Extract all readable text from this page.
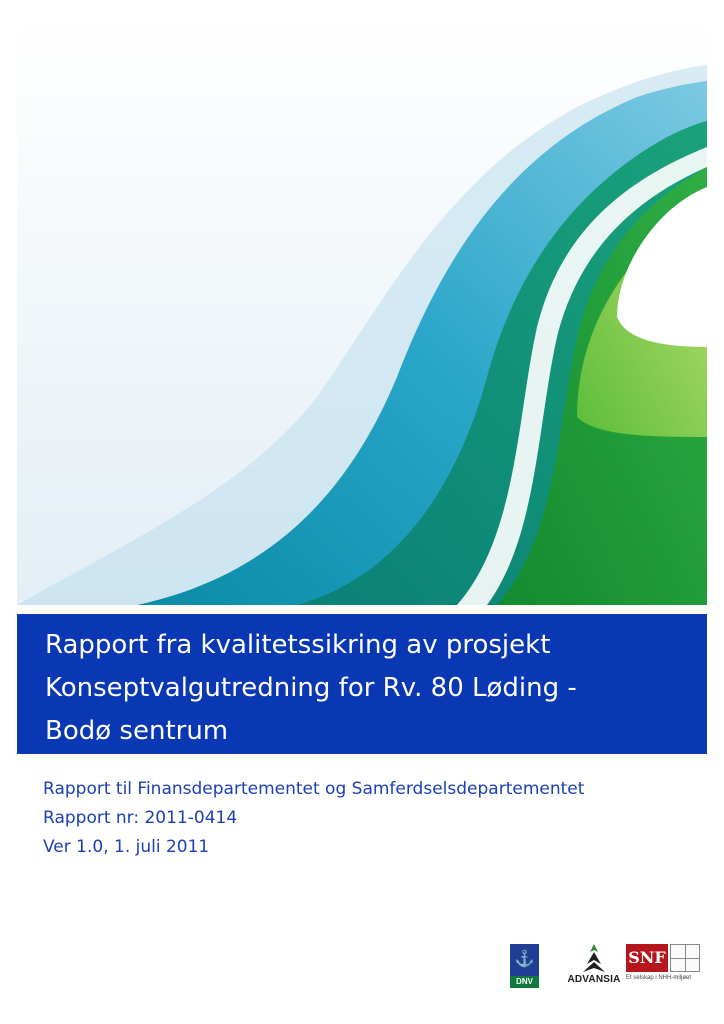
Rapport fra kvalitetssikring av prosjekt
Konseptvalgutredning for Rv. 80 Løding -
Bodø sentrum
Rapport til Finansdepartementet og Samferdselsdepartementet
Rapport nr: 2011-0414
Ver 1.0, 1. juli 2011
⚓
DNV	ADVANSIA
SNF
Et selskap i NHH-miljøet
